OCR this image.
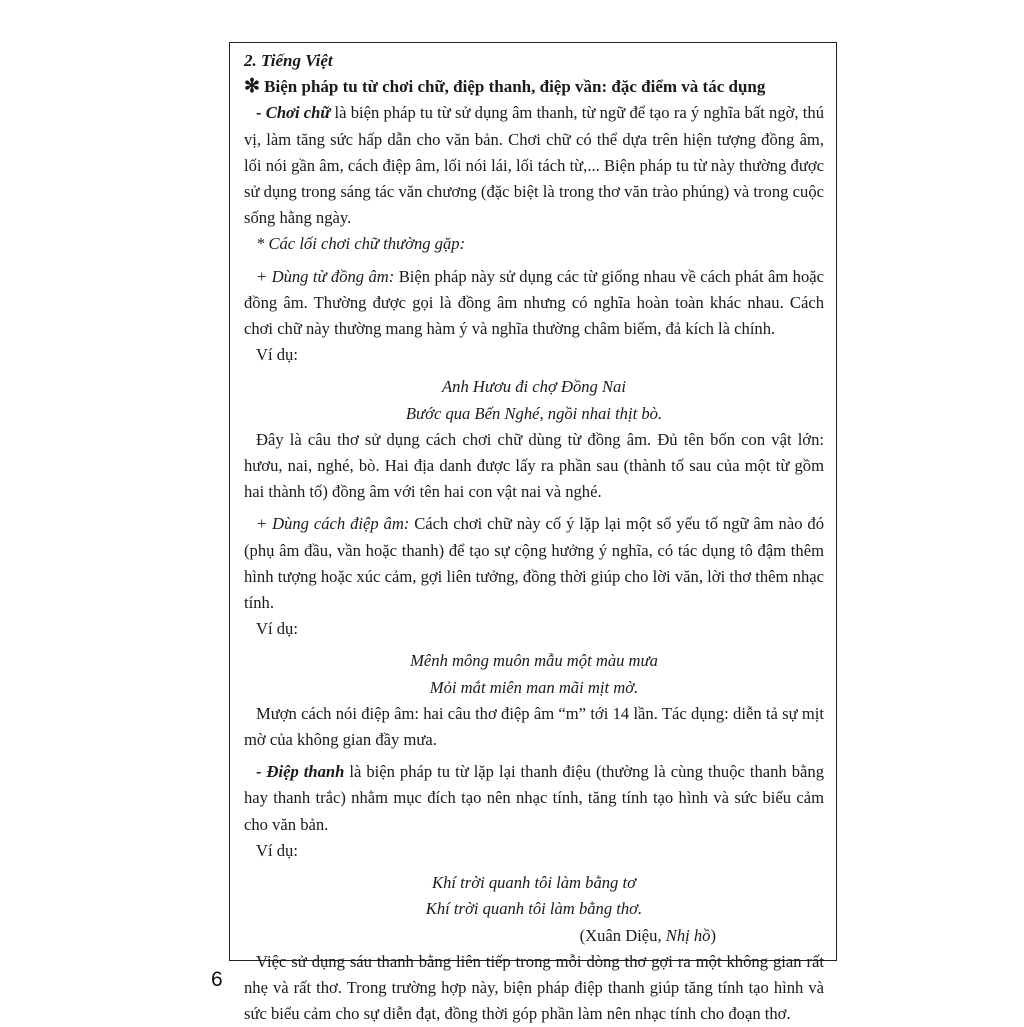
2. Tiếng Việt

✻ Biện pháp tu từ chơi chữ, điệp thanh, điệp vần: đặc điểm và tác dụng

- Chơi chữ là biện pháp tu từ sử dụng âm thanh, từ ngữ để tạo ra ý nghĩa bất ngờ, thú vị, làm tăng sức hấp dẫn cho văn bản. Chơi chữ có thể dựa trên hiện tượng đồng âm, lối nói gần âm, cách điệp âm, lối nói lái, lối tách từ,... Biện pháp tu từ này thường được sử dụng trong sáng tác văn chương (đặc biệt là trong thơ văn trào phúng) và trong cuộc sống hằng ngày.

* Các lối chơi chữ thường gặp:

+ Dùng từ đồng âm: Biện pháp này sử dụng các từ giống nhau về cách phát âm hoặc đồng âm. Thường được gọi là đồng âm nhưng có nghĩa hoàn toàn khác nhau. Cách chơi chữ này thường mang hàm ý và nghĩa thường châm biếm, đả kích là chính.

Ví dụ:

Anh Hươu đi chợ Đồng Nai

Bước qua Bến Nghé, ngồi nhai thịt bò.

Đây là câu thơ sử dụng cách chơi chữ dùng từ đồng âm. Đủ tên bốn con vật lớn: hươu, nai, nghé, bò. Hai địa danh được lấy ra phần sau (thành tố sau của một từ gồm hai thành tố) đồng âm với tên hai con vật nai và nghé.

+ Dùng cách điệp âm: Cách chơi chữ này cố ý lặp lại một số yếu tố ngữ âm nào đó (phụ âm đầu, vần hoặc thanh) để tạo sự cộng hưởng ý nghĩa, có tác dụng tô đậm thêm hình tượng hoặc xúc cảm, gợi liên tưởng, đồng thời giúp cho lời văn, lời thơ thêm nhạc tính.

Ví dụ:

Mênh mông muôn mẫu một màu mưa

Mỏi mắt miên man mãi mịt mờ.

Mượn cách nói điệp âm: hai câu thơ điệp âm “m” tới 14 lần. Tác dụng: diễn tả sự mịt mờ của không gian đầy mưa.

- Điệp thanh là biện pháp tu từ lặp lại thanh điệu (thường là cùng thuộc thanh bằng hay thanh trắc) nhằm mục đích tạo nên nhạc tính, tăng tính tạo hình và sức biểu cảm cho văn bản.

Ví dụ:

Khí trời quanh tôi làm bằng tơ

Khí trời quanh tôi làm bằng thơ.

(Xuân Diệu, Nhị hồ)

Việc sử dụng sáu thanh bằng liên tiếp trong mỗi dòng thơ gợi ra một không gian rất nhẹ và rất thơ. Trong trường hợp này, biện pháp điệp thanh giúp tăng tính tạo hình và sức biểu cảm cho sự diễn đạt, đồng thời góp phần làm nên nhạc tính cho đoạn thơ.

6
